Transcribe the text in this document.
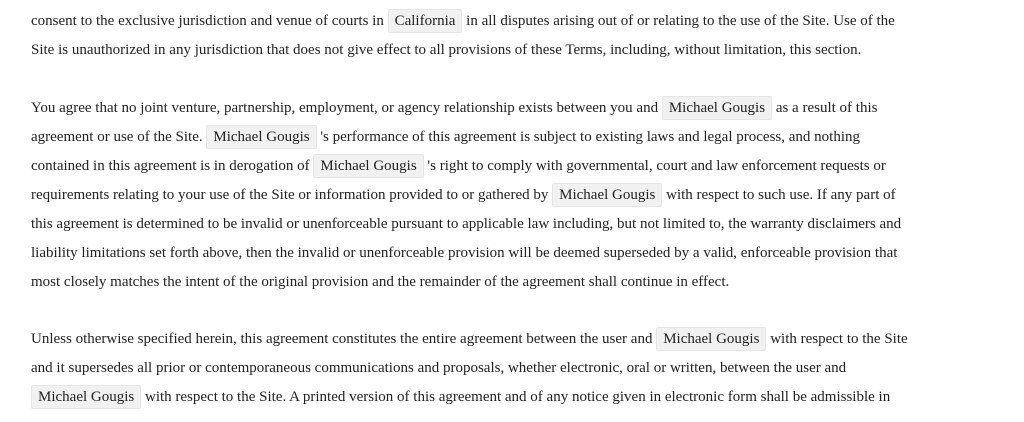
consent to the exclusive jurisdiction and venue of courts in California in all disputes arising out of or relating to the use of the Site. Use of the
Site is unauthorized in any jurisdiction that does not give effect to all provisions of these Terms, including, without limitation, this section.

You agree that no joint venture, partnership, employment, or agency relationship exists between you and Michael Gougis as a result of this
agreement or use of the Site. Michael Gougis 's performance of this agreement is subject to existing laws and legal process, and nothing
contained in this agreement is in derogation of Michael Gougis 's right to comply with governmental, court and law enforcement requests or
requirements relating to your use of the Site or information provided to or gathered by Michael Gougis with respect to such use. If any part of
this agreement is determined to be invalid or unenforceable pursuant to applicable law including, but not limited to, the warranty disclaimers and
liability limitations set forth above, then the invalid or unenforceable provision will be deemed superseded by a valid, enforceable provision that
most closely matches the intent of the original provision and the remainder of the agreement shall continue in effect.

Unless otherwise specified herein, this agreement constitutes the entire agreement between the user and Michael Gougis with respect to the Site
and it supersedes all prior or contemporaneous communications and proposals, whether electronic, oral or written, between the user and
Michael Gougis with respect to the Site. A printed version of this agreement and of any notice given in electronic form shall be admissible in
